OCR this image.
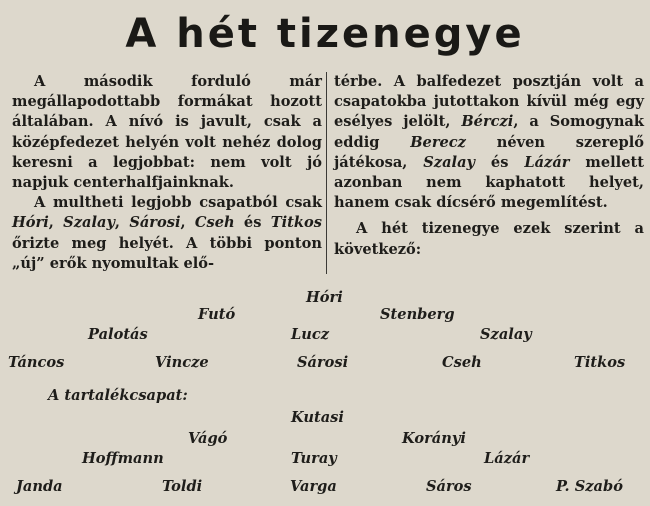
A hét tizenegye

A második forduló már megállapodottabb formákat hozott általában. A nívó is javult, csak a középfedezet helyén volt nehéz dolog keresni a legjobbat: nem volt jó napjuk centerhalfjainknak.

A multheti legjobb csapatból csak Hóri, Szalay, Sárosi, Cseh és Titkos őrizte meg helyét. A többi ponton „új” erők nyomultak elő-

térbe. A balfedezet posztján volt a csapatokba jutottakon kívül még egy esélyes jelölt, Bérczi, a Somogynak eddig Berecz néven szereplő játékosa, Szalay és Lázár mellett azonban nem kaphatott helyet, hanem csak dícsérő megemlítést.

A hét tizenegye ezek szerint a következő:

Hóri
Futó	Stenberg
Palotás	Lucz	Szalay
Táncos	Vincze	Sárosi	Cseh	Titkos
A tartalékcsapat:
Kutasi
Vágó	Korányi
Hoffmann	Turay	Lázár
Janda	Toldi	Varga	Sáros	P. Szabó
